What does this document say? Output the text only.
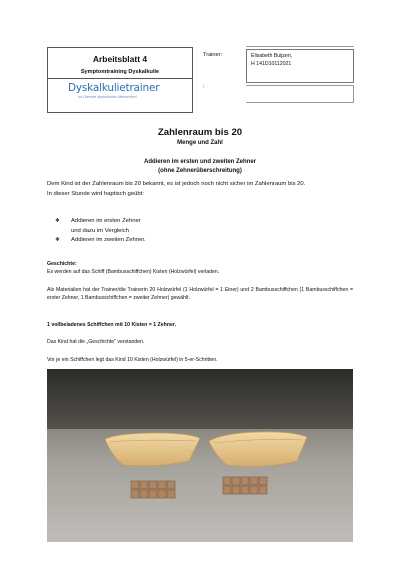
Arbeitsblatt 4
Symptomtraining Dyskalkulie
Dyskalkulietrainer
Im Dienste dyskalkulier Menschen!
Trainer:	Elisabeth Buijzen,
H 141D10112021
:
Zahlenraum bis 20
Menge und Zahl
Addieren im ersten und zweiten Zehner
(ohne Zehnerüberschreitung)
Dem Kind ist der Zahlenraum bis 20 bekannt, es ist jedoch noch nicht sicher im Zahlenraum bis 20.
In dieser Stunde wird haptisch geübt:
❖	Addieren im ersten Zehner
und dazu im Vergleich
❖	Addieren im zweiten Zehner.
Geschichte:
Es werden auf das Schiff (Bambusschiffchen) Kisten (Holzwürfel) verladen.
Als Materialien hat der Trainer/die Trainerin 20 Holzwürfel (1 Holzwürfel = 1 Einer) und 2 Bambusschiffchen (1 Bambusschiffchen = erster Zehner, 1 Bambusschiffchen = zweiter Zehner) gewählt.
1 vollbeladenes Schiffchen mit 10 Kisten = 1 Zehner.
Das Kind hat die „Geschichte“ verstanden.
Vor je ein Schiffchen legt das Kind 10 Kisten (Holzwürfel) in 5-er-Schritten.
